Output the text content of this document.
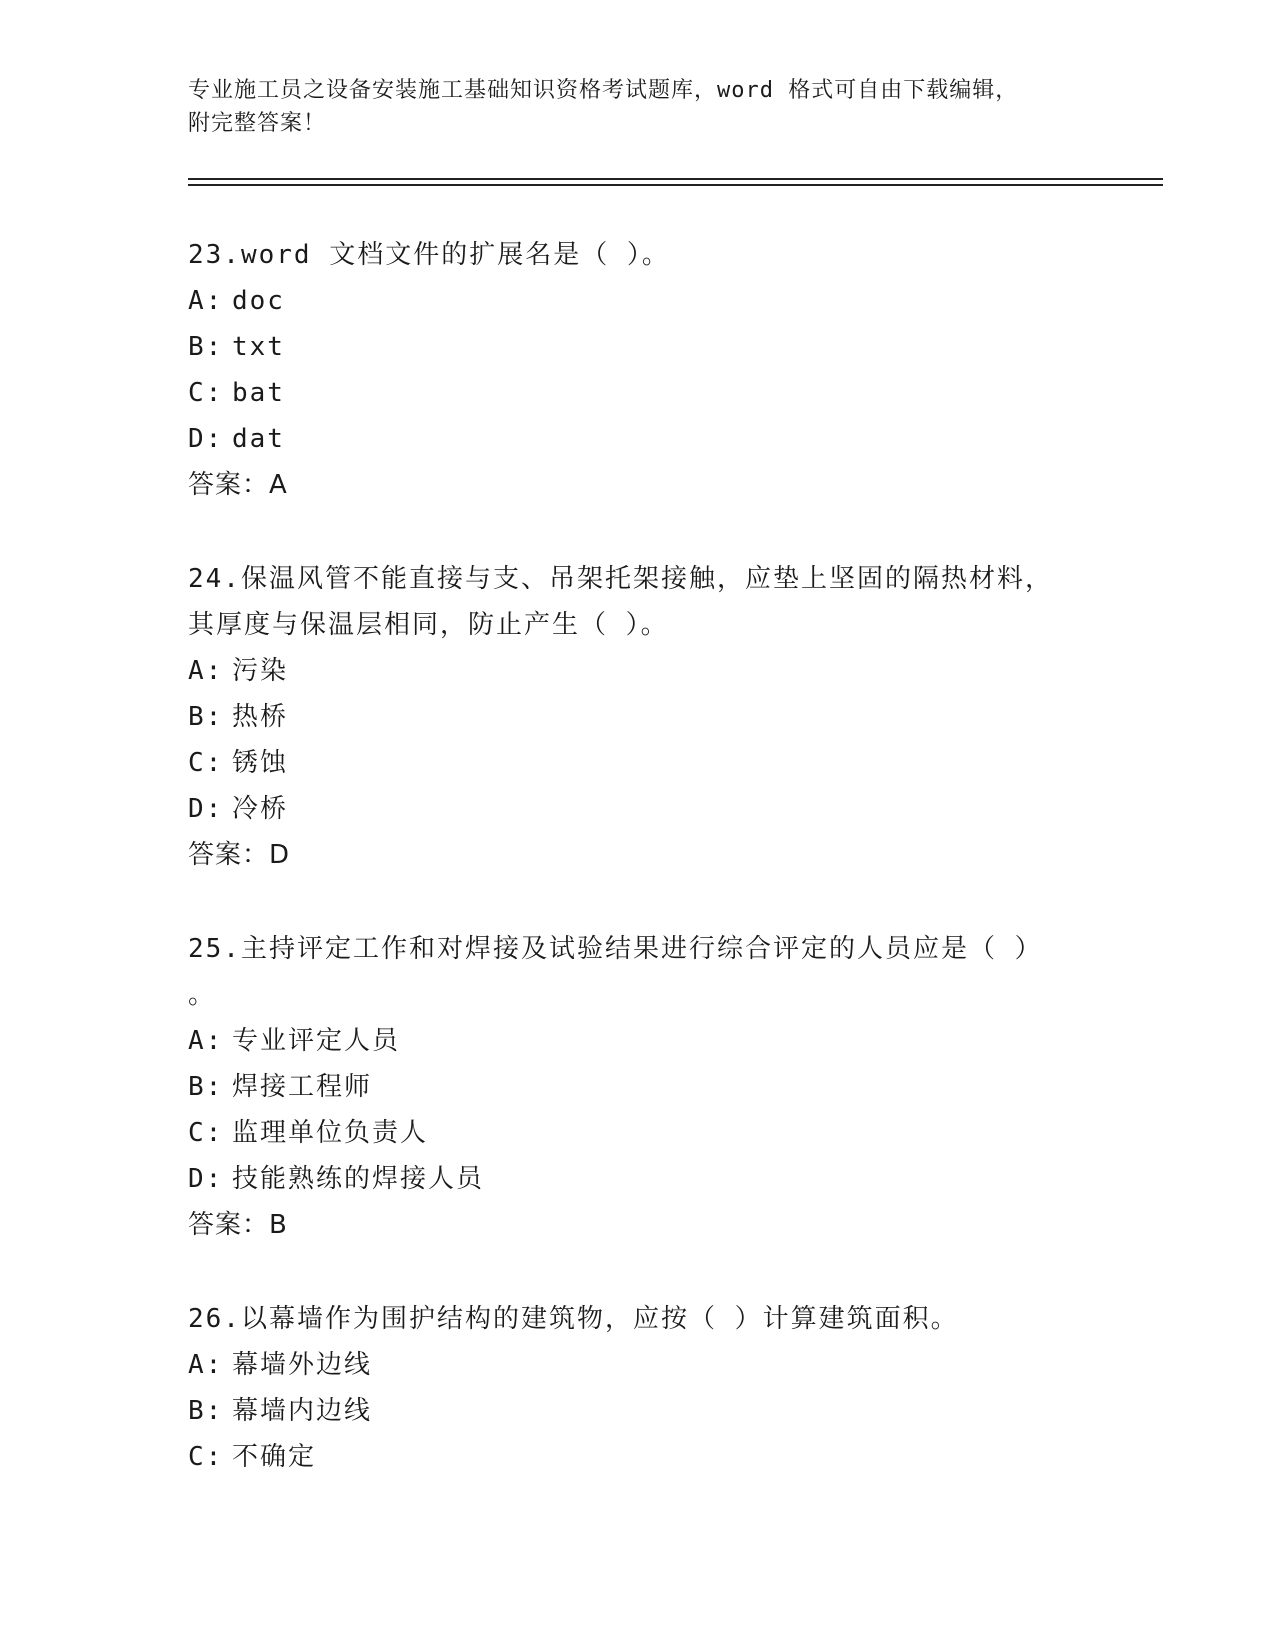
专业施工员之设备安装施工基础知识资格考试题库，word 格式可自由下载编辑，
附完整答案！
23.word 文档文件的扩展名是（ ）。
A: doc
B: txt
C: bat
D: dat
答案：A
24.保温风管不能直接与支、吊架托架接触，应垫上坚固的隔热材料，
其厚度与保温层相同，防止产生（ ）。
A: 污染
B: 热桥
C: 锈蚀
D: 冷桥
答案：D
25.主持评定工作和对焊接及试验结果进行综合评定的人员应是（ ）
。
A: 专业评定人员
B: 焊接工程师
C: 监理单位负责人
D: 技能熟练的焊接人员
答案：B
26.以幕墙作为围护结构的建筑物，应按（ ）计算建筑面积。
A: 幕墙外边线
B: 幕墙内边线
C: 不确定
